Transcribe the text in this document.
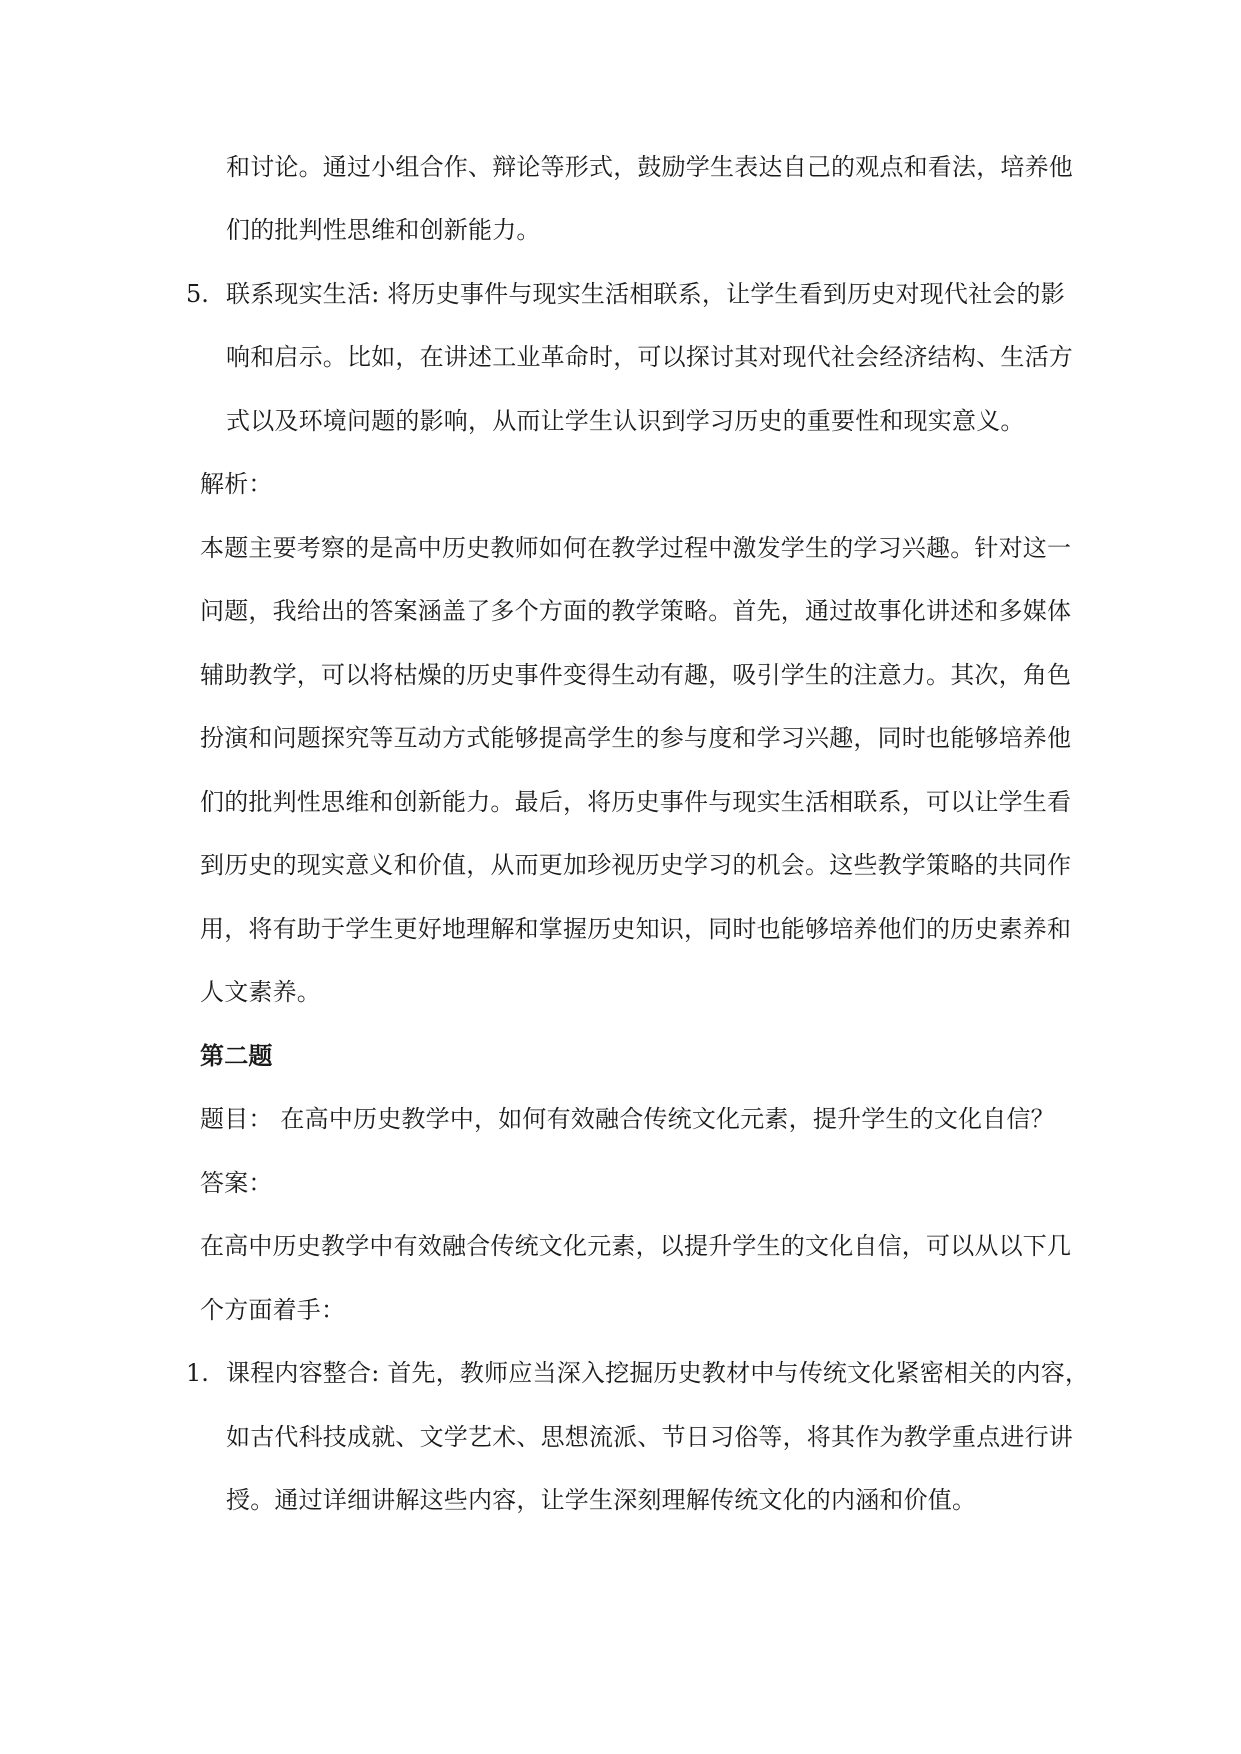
和讨论。通过小组合作、辩论等形式，鼓励学生表达自己的观点和看法，培养他
们的批判性思维和创新能力。
5. 联系现实生活: 将历史事件与现实生活相联系，让学生看到历史对现代社会的影
响和启示。比如，在讲述工业革命时，可以探讨其对现代社会经济结构、生活方
式以及环境问题的影响，从而让学生认识到学习历史的重要性和现实意义。
解析：
本题主要考察的是高中历史教师如何在教学过程中激发学生的学习兴趣。针对这一
问题，我给出的答案涵盖了多个方面的教学策略。首先，通过故事化讲述和多媒体
辅助教学，可以将枯燥的历史事件变得生动有趣，吸引学生的注意力。其次，角色
扮演和问题探究等互动方式能够提高学生的参与度和学习兴趣，同时也能够培养他
们的批判性思维和创新能力。最后，将历史事件与现实生活相联系，可以让学生看
到历史的现实意义和价值，从而更加珍视历史学习的机会。这些教学策略的共同作
用，将有助于学生更好地理解和掌握历史知识，同时也能够培养他们的历史素养和
人文素养。
第二题
题目： 在高中历史教学中，如何有效融合传统文化元素，提升学生的文化自信？
答案：
在高中历史教学中有效融合传统文化元素，以提升学生的文化自信，可以从以下几
个方面着手：
1. 课程内容整合: 首先，教师应当深入挖掘历史教材中与传统文化紧密相关的内容，
如古代科技成就、文学艺术、思想流派、节日习俗等，将其作为教学重点进行讲
授。通过详细讲解这些内容，让学生深刻理解传统文化的内涵和价值。
